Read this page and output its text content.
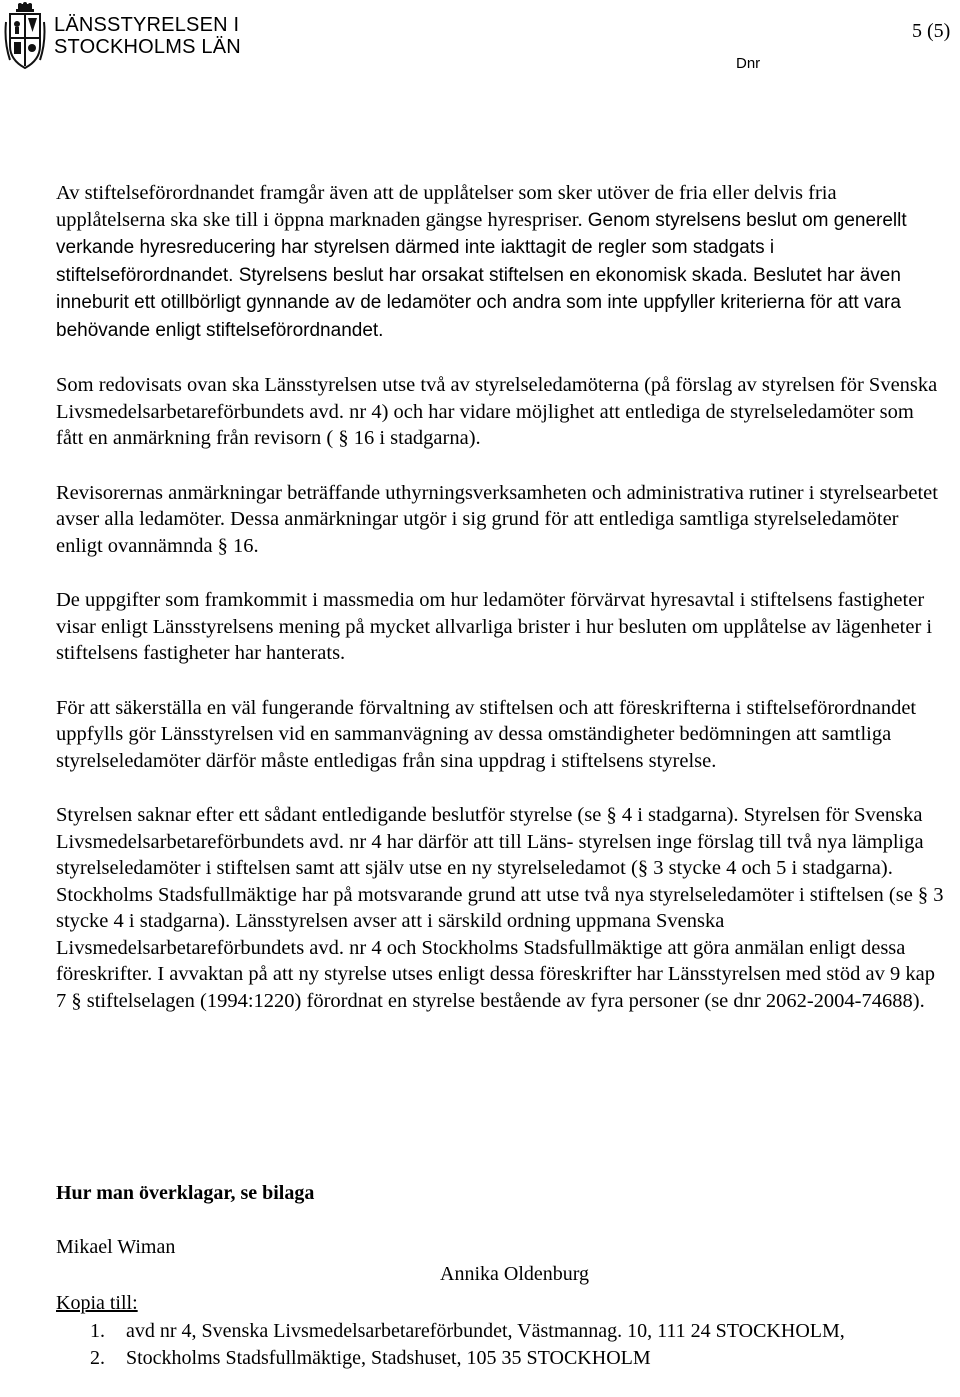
LÄNSSTYRELSEN I
STOCKHOLMS LÄN
5 (5)
Dnr

Av stiftelseförordnandet framgår även att de upplåtelser som sker utöver de fria eller delvis fria upplåtelserna ska ske till i öppna marknaden gängse hyrespriser. Genom styrelsens beslut om generellt verkande hyresreducering har styrelsen därmed inte iakttagit de regler som stadgats i stiftelseförordnandet. Styrelsens beslut har orsakat stiftelsen en ekonomisk skada. Beslutet har även inneburit ett otillbörligt gynnande av de ledamöter och andra som inte uppfyller kriterierna för att vara behövande enligt stiftelseförordnandet.

Som redovisats ovan ska Länsstyrelsen utse två av styrelseledamöterna (på förslag av styrelsen för Svenska Livsmedelsarbetareförbundets avd. nr 4) och har vidare möjlighet att entlediga de styrelseledamöter som fått en anmärkning från revisorn ( § 16 i stadgarna).

Revisorernas anmärkningar beträffande uthyrningsverksamheten och administrativa rutiner i styrelsearbetet avser alla ledamöter. Dessa anmärkningar utgör i sig grund för att entlediga samtliga styrelseledamöter enligt ovannämnda § 16.

De uppgifter som framkommit i massmedia om hur ledamöter förvärvat hyresavtal i stiftelsens fastigheter visar enligt Länsstyrelsens mening på mycket allvarliga brister i hur besluten om upplåtelse av lägenheter i stiftelsens fastigheter har hanterats.

För att säkerställa en väl fungerande förvaltning av stiftelsen och att föreskrifterna i stiftelseförordnandet uppfylls gör Länsstyrelsen vid en sammanvägning av dessa omständigheter bedömningen att samtliga styrelseledamöter därför måste entledigas från sina uppdrag i stiftelsens styrelse.

Styrelsen saknar efter ett sådant entledigande beslutför styrelse (se § 4 i stadgarna). Styrelsen för Svenska Livsmedelsarbetareförbundets avd. nr 4 har därför att till Läns- styrelsen inge förslag till två nya lämpliga styrelseledamöter i stiftelsen samt att själv utse en ny styrelseledamot (§ 3 stycke 4 och 5 i stadgarna). Stockholms Stadsfullmäktige har på motsvarande grund att utse två nya styrelseledamöter i stiftelsen (se § 3 stycke 4 i stadgarna). Länsstyrelsen avser att i särskild ordning uppmana Svenska Livsmedelsarbetareförbundets avd. nr 4 och Stockholms Stadsfullmäktige att göra anmälan enligt dessa föreskrifter. I avvaktan på att ny styrelse utses enligt dessa föreskrifter har Länsstyrelsen med stöd av 9 kap 7 § stiftelselagen (1994:1220) förordnat en styrelse bestående av fyra personer (se dnr 2062-2004-74688).

Hur man överklagar, se bilaga
Mikael Wiman
Annika Oldenburg
Kopia till:
1.	avd nr 4, Svenska Livsmedelsarbetareförbundet, Västmannag. 10, 111 24 STOCKHOLM,
2.	Stockholms Stadsfullmäktige, Stadshuset, 105 35 STOCKHOLM
